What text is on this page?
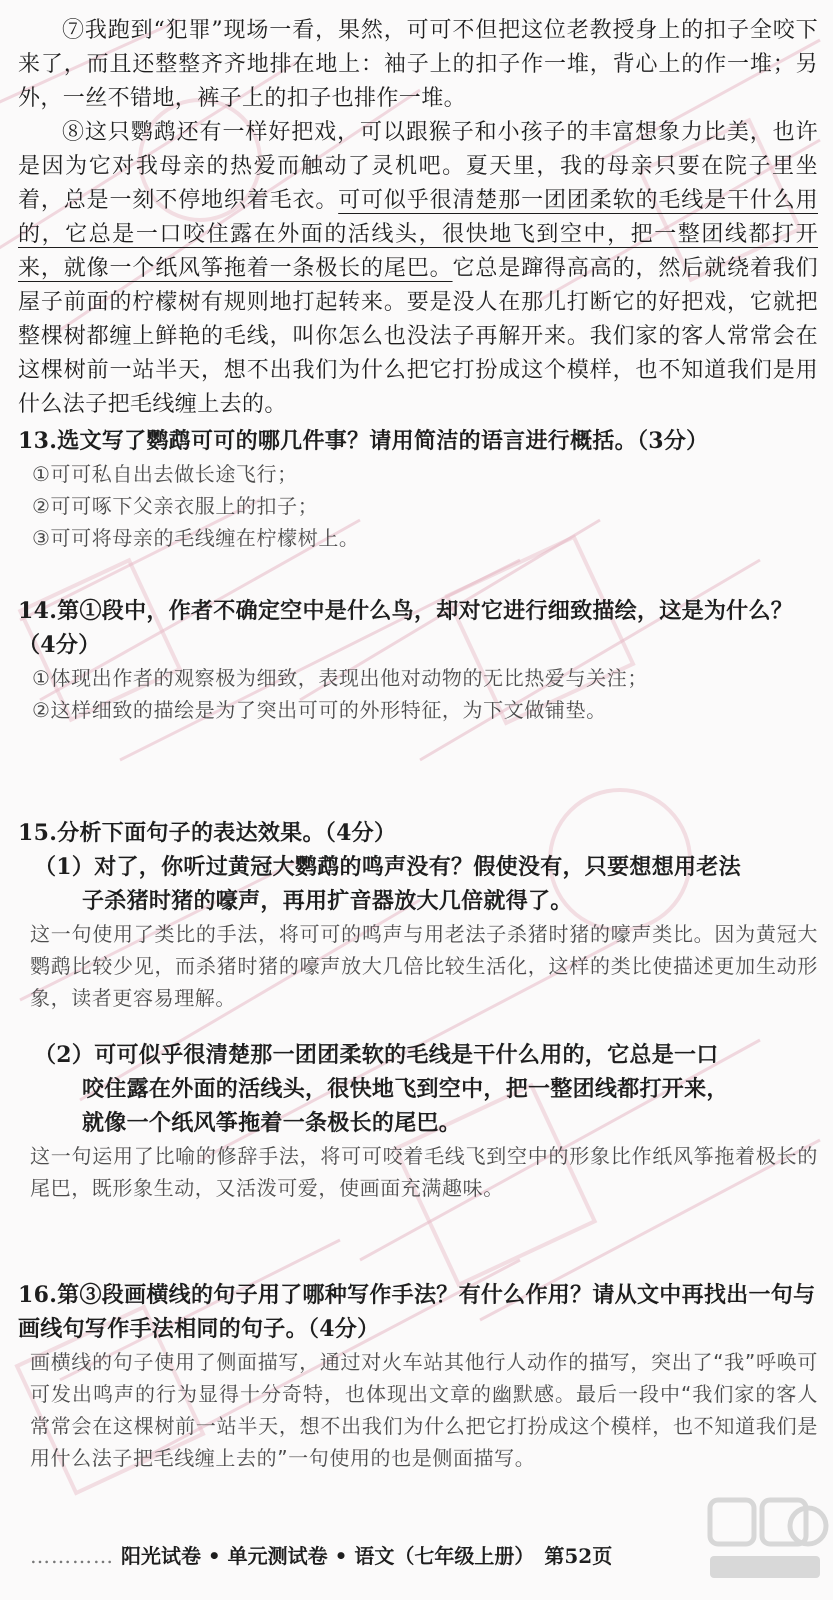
⑦我跑到“犯罪”现场一看，果然，可可不但把这位老教授身上的扣子全咬下来了，而且还整整齐齐地排在地上：袖子上的扣子作一堆，背心上的作一堆；另外，一丝不错地，裤子上的扣子也排作一堆。

⑧这只鹦鹉还有一样好把戏，可以跟猴子和小孩子的丰富想象力比美，也许是因为它对我母亲的热爱而触动了灵机吧。夏天里，我的母亲只要在院子里坐着，总是一刻不停地织着毛衣。可可似乎很清楚那一团团柔软的毛线是干什么用的，它总是一口咬住露在外面的活线头，很快地飞到空中，把一整团线都打开来，就像一个纸风筝拖着一条极长的尾巴。它总是蹿得高高的，然后就绕着我们屋子前面的柠檬树有规则地打起转来。要是没人在那儿打断它的好把戏，它就把整棵树都缠上鲜艳的毛线，叫你怎么也没法子再解开来。我们家的客人常常会在这棵树前一站半天，想不出我们为什么把它打扮成这个模样，也不知道我们是用什么法子把毛线缠上去的。

13.选文写了鹦鹉可可的哪几件事？请用简洁的语言进行概括。（3分）

①可可私自出去做长途飞行；

②可可啄下父亲衣服上的扣子；

③可可将母亲的毛线缠在柠檬树上。

14.第①段中，作者不确定空中是什么鸟，却对它进行细致描绘，这是为什么？（4分）

①体现出作者的观察极为细致，表现出他对动物的无比热爱与关注；

②这样细致的描绘是为了突出可可的外形特征，为下文做铺垫。

15.分析下面句子的表达效果。（4分）

（1）对了，你听过黄冠大鹦鹉的鸣声没有？假使没有，只要想想用老法
子杀猪时猪的嚎声，再用扩音器放大几倍就得了。

这一句使用了类比的手法，将可可的鸣声与用老法子杀猪时猪的嚎声类比。因为黄冠大鹦鹉比较少见，而杀猪时猪的嚎声放大几倍比较生活化，这样的类比使描述更加生动形象，读者更容易理解。

（2）可可似乎很清楚那一团团柔软的毛线是干什么用的，它总是一口
咬住露在外面的活线头，很快地飞到空中，把一整团线都打开来，
就像一个纸风筝拖着一条极长的尾巴。

这一句运用了比喻的修辞手法，将可可咬着毛线飞到空中的形象比作纸风筝拖着极长的尾巴，既形象生动，又活泼可爱，使画面充满趣味。

16.第③段画横线的句子用了哪种写作手法？有什么作用？请从文中再找出一句与画线句写作手法相同的句子。（4分）

画横线的句子使用了侧面描写，通过对火车站其他行人动作的描写，突出了“我”呼唤可可发出鸣声的行为显得十分奇特，也体现出文章的幽默感。最后一段中“我们家的客人常常会在这棵树前一站半天，想不出我们为什么把它打扮成这个模样，也不知道我们是用什么法子把毛线缠上去的”一句使用的也是侧面描写。

………… 阳光试卷 • 单元测试卷 • 语文（七年级上册）　第52页
